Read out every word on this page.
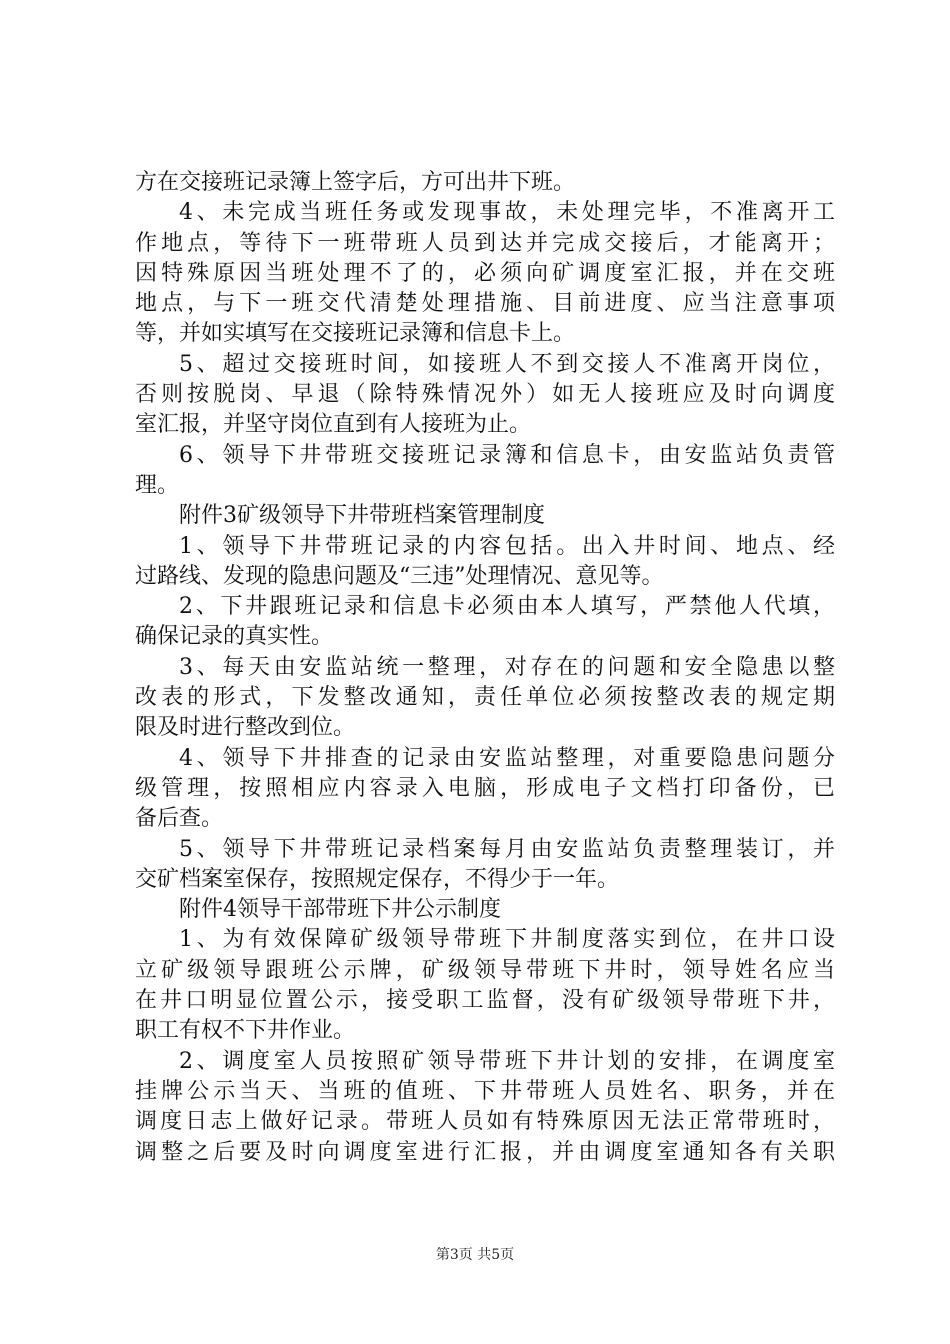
方在交接班记录簿上签字后，方可出井下班。
4、未完成当班任务或发现事故，未处理完毕，不准离开工
作地点，等待下一班带班人员到达并完成交接后，才能离开；
因特殊原因当班处理不了的，必须向矿调度室汇报，并在交班
地点，与下一班交代清楚处理措施、目前进度、应当注意事项
等，并如实填写在交接班记录簿和信息卡上。
5、超过交接班时间，如接班人不到交接人不准离开岗位，
否则按脱岗、早退（除特殊情况外）如无人接班应及时向调度
室汇报，并坚守岗位直到有人接班为止。
6、领导下井带班交接班记录簿和信息卡，由安监站负责管
理。
附件3矿级领导下井带班档案管理制度
1、领导下井带班记录的内容包括。出入井时间、地点、经
过路线、发现的隐患问题及“三违”处理情况、意见等。
2、下井跟班记录和信息卡必须由本人填写，严禁他人代填，
确保记录的真实性。
3、每天由安监站统一整理，对存在的问题和安全隐患以整
改表的形式，下发整改通知，责任单位必须按整改表的规定期
限及时进行整改到位。
4、领导下井排查的记录由安监站整理，对重要隐患问题分
级管理，按照相应内容录入电脑，形成电子文档打印备份，已
备后查。
5、领导下井带班记录档案每月由安监站负责整理装订，并
交矿档案室保存，按照规定保存，不得少于一年。
附件4领导干部带班下井公示制度
1、为有效保障矿级领导带班下井制度落实到位，在井口设
立矿级领导跟班公示牌，矿级领导带班下井时，领导姓名应当
在井口明显位置公示，接受职工监督，没有矿级领导带班下井，
职工有权不下井作业。
2、调度室人员按照矿领导带班下井计划的安排，在调度室
挂牌公示当天、当班的值班、下井带班人员姓名、职务，并在
调度日志上做好记录。带班人员如有特殊原因无法正常带班时，
调整之后要及时向调度室进行汇报，并由调度室通知各有关职
第3页 共5页
